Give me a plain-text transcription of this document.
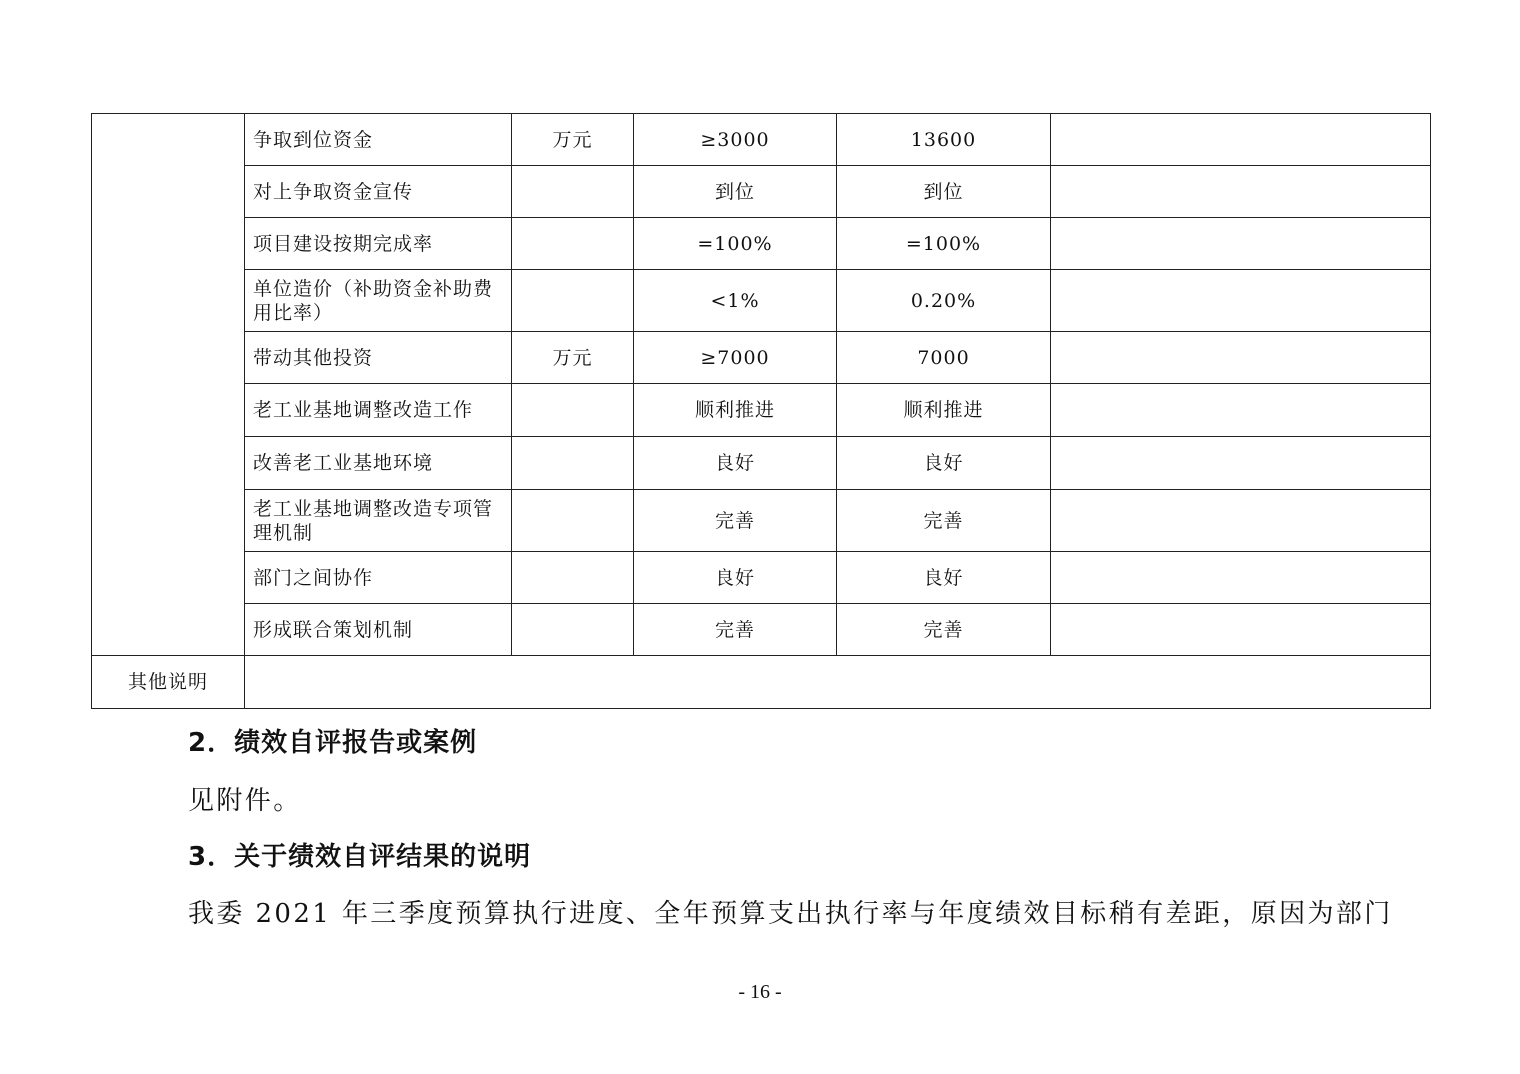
	争取到位资金	万元	≥3000	13600	
	对上争取资金宣传		到位	到位	
	项目建设按期完成率		=100%	=100%	
	单位造价（补助资金补助费用比率）		<1%	0.20%	
	带动其他投资	万元	≥7000	7000	
	老工业基地调整改造工作		顺利推进	顺利推进	
	改善老工业基地环境		良好	良好	
	老工业基地调整改造专项管理机制		完善	完善	
	部门之间协作		良好	良好	
	形成联合策划机制		完善	完善	
其他说明					
2．绩效自评报告或案例

见附件。

3．关于绩效自评结果的说明

我委 2021 年三季度预算执行进度、全年预算支出执行率与年度绩效目标稍有差距，原因为部门

- 16 -
